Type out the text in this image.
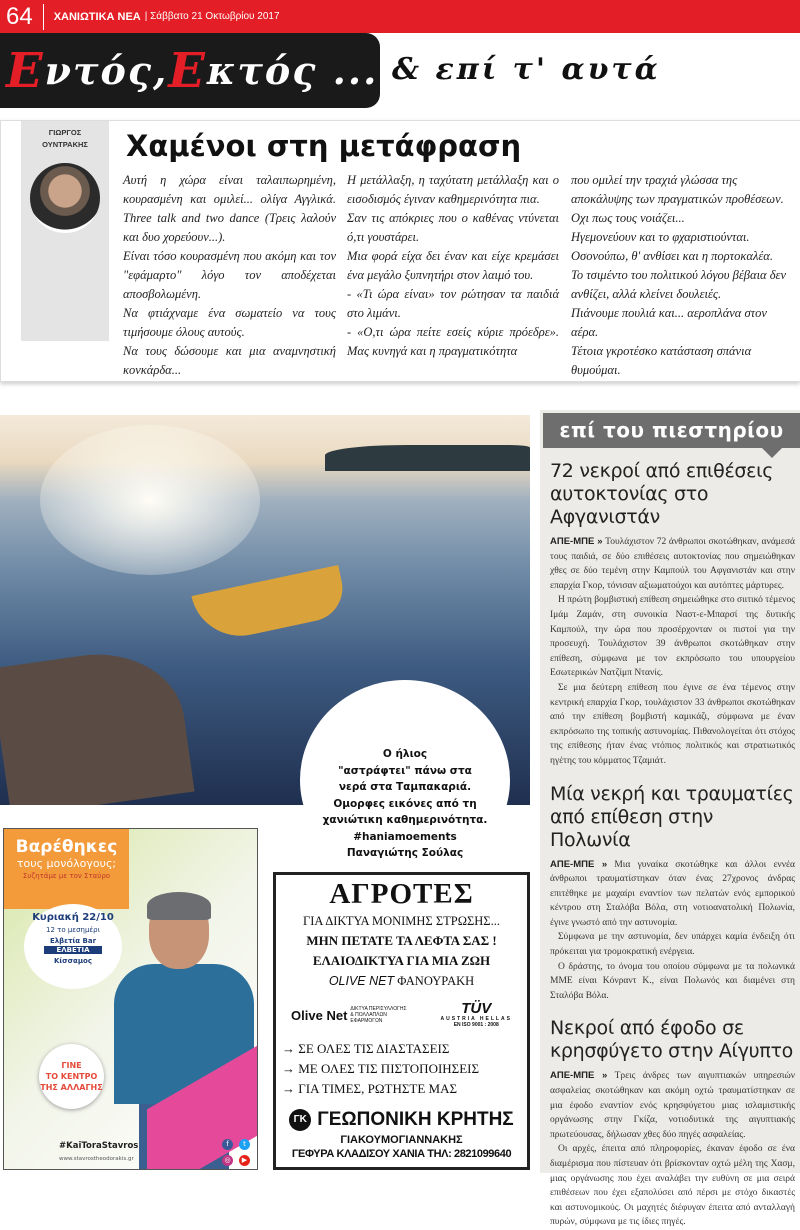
64	ΧΑΝΙΩΤΙΚΑ ΝΕΑ | Σάββατο 21 Οκτωβρίου 2017
Ε ντός, Ε κτός ... & επί τ' αυτά
ΓΙΩΡΓΟΣ
ΟΥΝΤΡΑΚΗΣ	Χαμένοι στη μετάφραση

Αυτή η χώρα είναι ταλαιπωρημένη, κουρασμένη και ομιλεί... ολίγα Αγγλικά. Three talk and two dance (Τρεις λαλούν και δυο χορεύουν...).

Είναι τόσο κουρασμένη που ακόμη και τον "εφάμαρτο" λόγο τον αποδέχεται αποσβολωμένη.

Να φτιάχναμε ένα σωματείο να τους τιμήσουμε όλους αυτούς.

Να τους δώσουμε και μια αναμνηστική κονκάρδα...

Η μετάλλαξη, η ταχύτατη μετάλλαξη και ο εισοδισμός έγιναν καθημερινότητα πια.

Σαν τις απόκριες που ο καθένας ντύνεται ό,τι γουστάρει.

Μια φορά είχα δει έναν και είχε κρεμάσει ένα μεγάλο ξυπνητήρι στον λαιμό του.

- «Τι ώρα είναι» τον ρώτησαν τα παιδιά στο λιμάνι.

- «Ο,τι ώρα πείτε εσείς κύριε πρόεδρε». Μας κυνηγά και η πραγματικότητα

που ομιλεί την τραχιά γλώσσα της αποκάλυψης των πραγματικών προθέσεων.

Οχι πως τους νοιάζει...

Ηγεμονεύουν και το φχαριστιούνται.

Οσονούπω, θ' ανθίσει και η πορτοκαλέα.

Το τσιμέντο του πολιτικού λόγου βέβαια δεν ανθίζει, αλλά κλείνει δουλειές.

Πιάνουμε πουλιά και... αεροπλάνα στον αέρα.

Τέτοια γκροτέσκο κατάσταση σπάνια θυμούμαι.

Ο ήλιος
"αστράφτει" πάνω στα
νερά στα Ταμπακαριά.
Ομορφες εικόνες από τη
χανιώτικη καθημερινότητα.
#haniamoements
Παναγιώτης Σούλας
επί του πιεστηρίου
72 νεκροί από επιθέσεις αυτοκτονίας στο Αφγανιστάν

ΑΠΕ-ΜΠΕ » Τουλάχιστον 72 άνθρωποι σκοτώθηκαν, ανάμεσά τους παιδιά, σε δύο επιθέσεις αυτοκτονίας που σημειώθηκαν χθες σε δύο τεμένη στην Καμπούλ του Αφγανιστάν και στην επαρχία Γκορ, τόνισαν αξιωματούχοι και αυτόπτες μάρτυρες.

Η πρώτη βομβιστική επίθεση σημειώθηκε στο σιιτικό τέμενος Ιμάμ Ζαμάν, στη συνοικία Ναστ-ε-Μπαρσί της δυτικής Καμπούλ, την ώρα που προσέρχονταν οι πιστοί για την προσευχή. Τουλάχιστον 39 άνθρωποι σκοτώθηκαν στην επίθεση, σύμφωνα με τον εκπρόσωπο του υπουργείου Εσωτερικών Νατζίμπ Ντανίς.

Σε μια δεύτερη επίθεση που έγινε σε ένα τέμενος στην κεντρική επαρχία Γκορ, τουλάχιστον 33 άνθρωποι σκοτώθηκαν από την επίθεση βομβιστή καμικάζι, σύμφωνα με έναν εκπρόσωπο της τοπικής αστυνομίας. Πιθανολογείται ότι στόχος της επίθεσης ήταν ένας ντόπιος πολιτικός και στρατιωτικός ηγέτης του κόμματος Τζαμιάτ.

Μία νεκρή και τραυματίες από επίθεση στην Πολωνία

ΑΠΕ-ΜΠΕ » Μια γυναίκα σκοτώθηκε και άλλοι εννέα άνθρωποι τραυματίστηκαν όταν ένας 27χρονος άνδρας επιτέθηκε με μαχαίρι εναντίον των πελατών ενός εμπορικού κέντρου στη Σταλόβα Βόλα, στη νοτιοανατολική Πολωνία, έγινε γνωστό από την αστυνομία.

Σύμφωνα με την αστυνομία, δεν υπάρχει καμία ένδειξη ότι πρόκειται για τρομοκρατική ενέργεια.

Ο δράστης, το όνομα του οποίου σύμφωνα με τα πολωνικά ΜΜΕ είναι Κόνραντ Κ., είναι Πολωνός και διαμένει στη Σταλόβα Βόλα.

Νεκροί από έφοδο σε κρησφύγετο στην Αίγυπτο

ΑΠΕ-ΜΠΕ » Τρεις άνδρες των αιγυπτιακών υπηρεσιών ασφαλείας σκοτώθηκαν και ακόμη οχτώ τραυματίστηκαν σε μια έφοδο εναντίον ενός κρησφύγετου μιας ισλαμιστικής οργάνωσης στην Γκίζα, νοτιοδυτικά της αιγυπτιακής πρωτεύουσας, δήλωσαν χθες δύο πηγές ασφαλείας.

Οι αρχές, έπειτα από πληροφορίες, έκαναν έφοδο σε ένα διαμέρισμα που πίστευαν ότι βρίσκονταν οχτώ μέλη της Χασμ, μιας οργάνωσης που έχει αναλάβει την ευθύνη σε μια σειρά επιθέσεων που έχει εξαπολύσει από πέρσι με στόχο δικαστές και αστυνομικούς. Οι μαχητές διέφυγαν έπειτα από ανταλλαγή πυρών, σύμφωνα με τις ίδιες πηγές.

Βαρέθηκες
τους μονόλογους;
Συζητάμε με τον Σταύρο
Κυριακή 22/10
12 το μεσημέρι
Ελβετία Bar
ΕΛΒΕΤΙΑ
Κίσσαμος
ΓΙΝΕ
ΤΟ ΚΕΝΤΡΟ
ΤΗΣ ΑΛΛΑΓΗΣ
#KaiToraStavros
www.stavrostheodorakis.gr
f	t
◎	▶
ΑΓΡΟΤΕΣ
ΓΙΑ ΔΙΚΤΥΑ ΜΟΝΙΜΗΣ ΣΤΡΩΣΗΣ...
ΜΗΝ ΠΕΤΑΤΕ ΤΑ ΛΕΦΤΑ ΣΑΣ !
ΕΛΑΙΟΔΙΚΤΥΑ ΓΙΑ ΜΙΑ ΖΩΗ
OLIVE NET ΦΑΝΟΥΡΑΚΗ
Olive Net ΔΙΚΤΥΑ ΠΕΡΙΣΥΛΛΟΓΗΣ & ΠΟΛΛΑΠΛΩΝ ΕΦΑΡΜΟΓΩΝ
TÜV
AUSTRIA HELLAS
EN ISO 9001 : 2008
→ ΣΕ ΟΛΕΣ ΤΙΣ ΔΙΑΣΤΑΣΕΙΣ
→ ΜΕ ΟΛΕΣ ΤΙΣ ΠΙΣΤΟΠΟΙΗΣΕΙΣ
→ ΓΙΑ ΤΙΜΕΣ, ΡΩΤΗΣΤΕ ΜΑΣ
ΓΚ ΓΕΩΠΟΝΙΚΗ ΚΡΗΤΗΣ
ΓΙΑΚΟΥΜΟΓΙΑΝΝΑΚΗΣ
ΓΕΦΥΡΑ ΚΛΑΔΙΣΟΥ ΧΑΝΙΑ ΤΗΛ: 2821099640
